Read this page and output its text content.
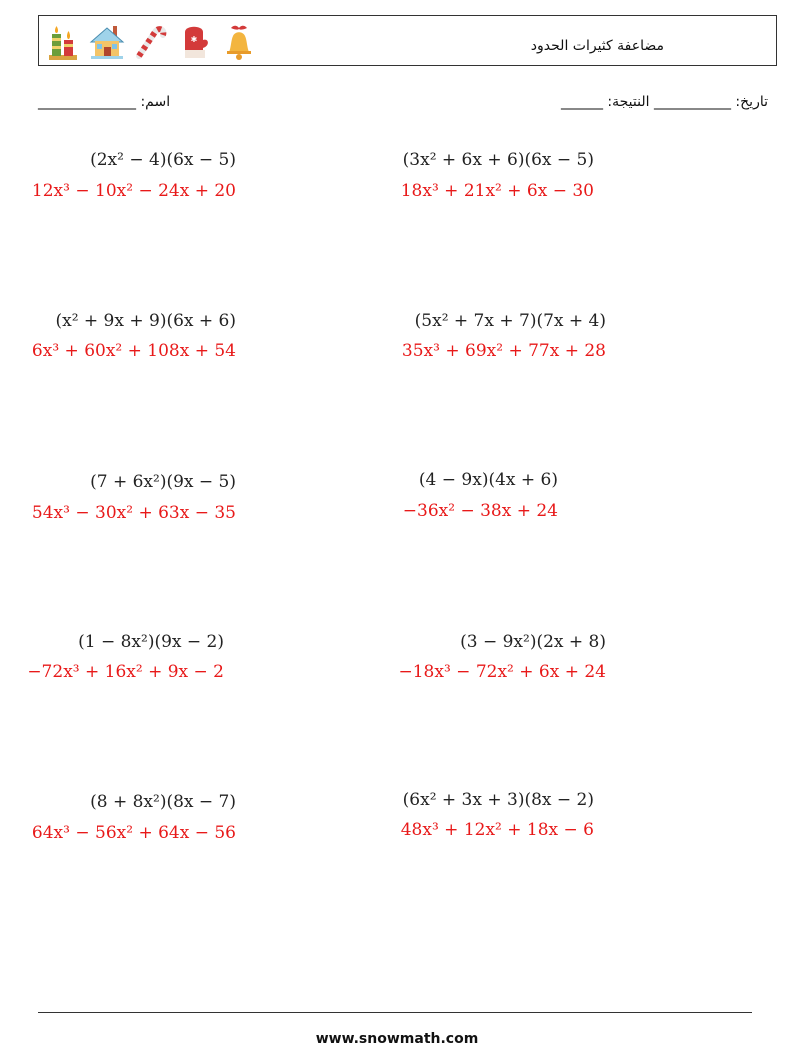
✱	مضاعفة كثيرات الحدود
______________ :اسم	______ :تاريخ: ___________ النتيجة
(2x² − 4)(6x − 5)
12x³ − 10x² − 24x + 20
(3x² + 6x + 6)(6x − 5)
18x³ + 21x² + 6x − 30
(x² + 9x + 9)(6x + 6)
6x³ + 60x² + 108x + 54
(5x² + 7x + 7)(7x + 4)
35x³ + 69x² + 77x + 28
(7 + 6x²)(9x − 5)
54x³ − 30x² + 63x − 35
(4 − 9x)(4x + 6)
−36x² − 38x + 24
(1 − 8x²)(9x − 2)
−72x³ + 16x² + 9x − 2
(3 − 9x²)(2x + 8)
−18x³ − 72x² + 6x + 24
(8 + 8x²)(8x − 7)
64x³ − 56x² + 64x − 56
(6x² + 3x + 3)(8x − 2)
48x³ + 12x² + 18x − 6
www.snowmath.com
